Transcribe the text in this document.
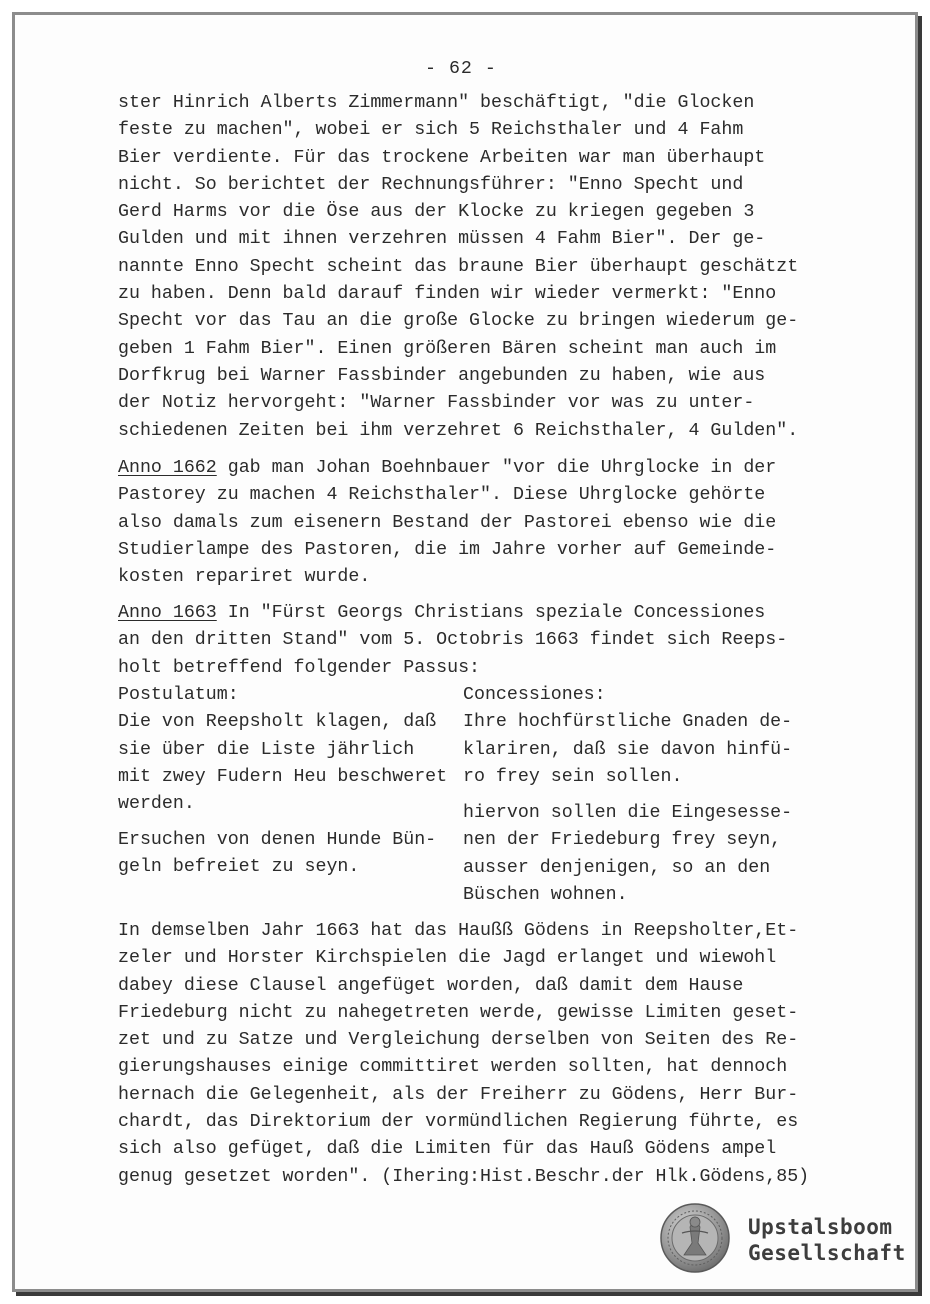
- 62 -
ster Hinrich Alberts Zimmermann" beschäftigt, "die Glocken
feste zu machen", wobei er sich 5 Reichsthaler und 4 Fahm
Bier verdiente. Für das trockene Arbeiten war man überhaupt
nicht. So berichtet der Rechnungsführer: "Enno Specht und
Gerd Harms vor die Öse aus der Klocke zu kriegen gegeben 3
Gulden und mit ihnen verzehren müssen 4 Fahm Bier". Der ge-
nannte Enno Specht scheint das braune Bier überhaupt geschätzt
zu haben. Denn bald darauf finden wir wieder vermerkt: "Enno
Specht vor das Tau an die große Glocke zu bringen wiederum ge-
geben 1 Fahm Bier". Einen größeren Bären scheint man auch im
Dorfkrug bei Warner Fassbinder angebunden zu haben, wie aus
der Notiz hervorgeht: "Warner Fassbinder vor was zu unter-
schiedenen Zeiten bei ihm verzehret 6 Reichsthaler, 4 Gulden".
Anno 1662 gab man Johan Boehnbauer "vor die Uhrglocke in der
Pastorey zu machen 4 Reichsthaler". Diese Uhrglocke gehörte
also damals zum eisenern Bestand der Pastorei ebenso wie die
Studierlampe des Pastoren, die im Jahre vorher auf Gemeinde-
kosten repariret wurde.
Anno 1663 In "Fürst Georgs Christians speziale Concessiones
an den dritten Stand" vom 5. Octobris 1663 findet sich Reeps-
holt betreffend folgender Passus:
Postulatum:
Die von Reepsholt klagen, daß
sie über die Liste jährlich
mit zwey Fudern Heu beschweret
werden.
Ersuchen von denen Hunde Bün-
geln befreiet zu seyn.
Concessiones:
Ihre hochfürstliche Gnaden de-
klariren, daß sie davon hinfü-
ro frey sein sollen.
hiervon sollen die Eingesesse-
nen der Friedeburg frey seyn,
ausser denjenigen, so an den
Büschen wohnen.
In demselben Jahr 1663 hat das Haußß Gödens in Reepsholter,Et-
zeler und Horster Kirchspielen die Jagd erlanget und wiewohl
dabey diese Clausel angefüget worden, daß damit dem Hause
Friedeburg nicht zu nahegetreten werde, gewisse Limiten geset-
zet und zu Satze und Vergleichung derselben von Seiten des Re-
gierungshauses einige committiret werden sollten, hat dennoch
hernach die Gelegenheit, als der Freiherr zu Gödens, Herr Bur-
chardt, das Direktorium der vormündlichen Regierung führte, es
sich also gefüget, daß die Limiten für das Hauß Gödens ampel
genug gesetzet worden". (Ihering:Hist.Beschr.der Hlk.Gödens,85)
Upstalsboom
Gesellschaft
